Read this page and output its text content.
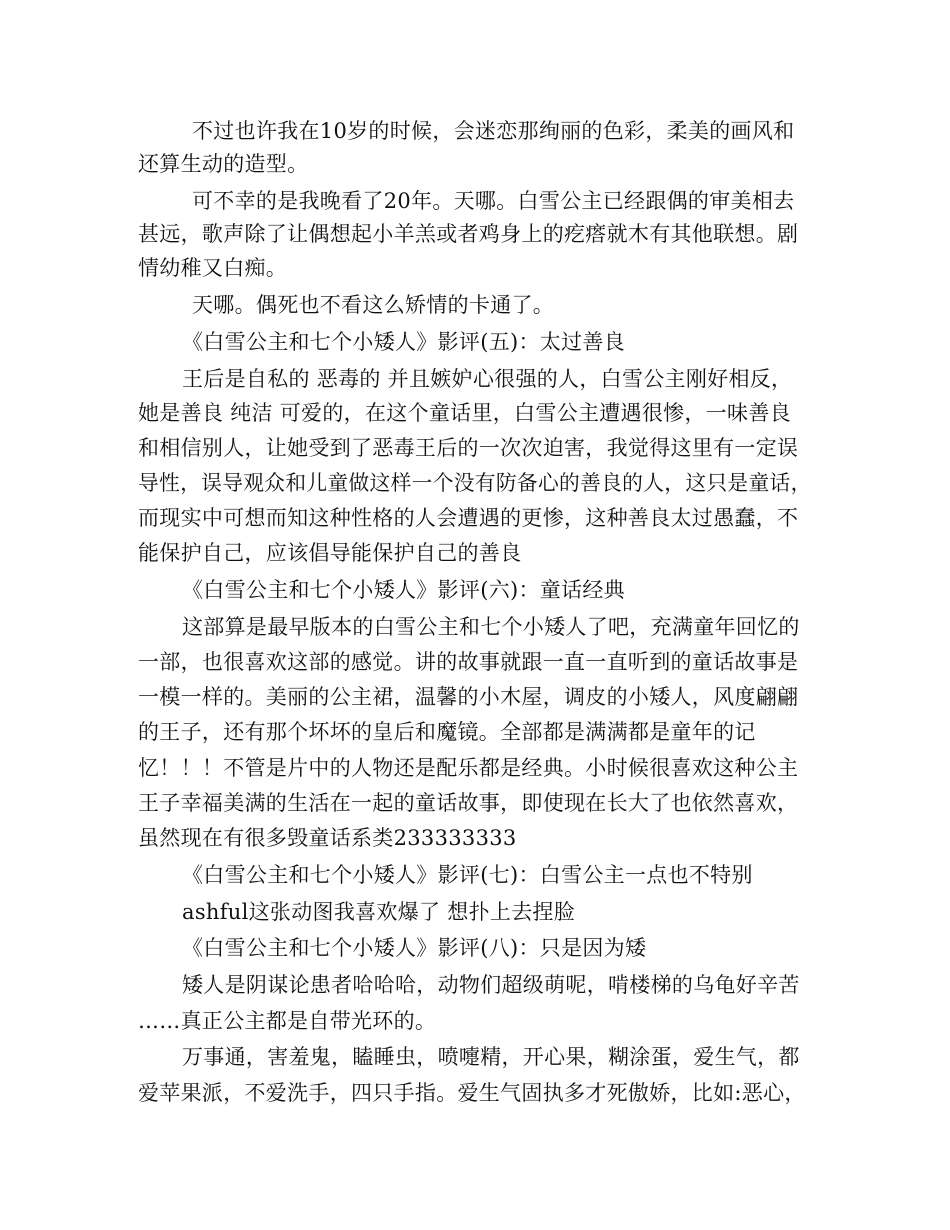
不过也许我在10岁的时候，会迷恋那绚丽的色彩，柔美的画风和

还算生动的造型。

可不幸的是我晚看了20年。天哪。白雪公主已经跟偶的审美相去

甚远，歌声除了让偶想起小羊羔或者鸡身上的疙瘩就木有其他联想。剧

情幼稚又白痴。

天哪。偶死也不看这么矫情的卡通了。

《白雪公主和七个小矮人》影评(五)：太过善良

王后是自私的 恶毒的 并且嫉妒心很强的人，白雪公主刚好相反，

她是善良 纯洁 可爱的，在这个童话里，白雪公主遭遇很惨，一味善良

和相信别人，让她受到了恶毒王后的一次次迫害，我觉得这里有一定误

导性，误导观众和儿童做这样一个没有防备心的善良的人，这只是童话，

而现实中可想而知这种性格的人会遭遇的更惨，这种善良太过愚蠢，不

能保护自己，应该倡导能保护自己的善良

《白雪公主和七个小矮人》影评(六)：童话经典

这部算是最早版本的白雪公主和七个小矮人了吧，充满童年回忆的

一部，也很喜欢这部的感觉。讲的故事就跟一直一直听到的童话故事是

一模一样的。美丽的公主裙，温馨的小木屋，调皮的小矮人，风度翩翩

的王子，还有那个坏坏的皇后和魔镜。全部都是满满都是童年的记

忆！！！不管是片中的人物还是配乐都是经典。小时候很喜欢这种公主

王子幸福美满的生活在一起的童话故事，即使现在长大了也依然喜欢，

虽然现在有很多毁童话系类233333333

《白雪公主和七个小矮人》影评(七)：白雪公主一点也不特别

ashful这张动图我喜欢爆了 想扑上去捏脸

《白雪公主和七个小矮人》影评(八)：只是因为矮

矮人是阴谋论患者哈哈哈，动物们超级萌呢，啃楼梯的乌龟好辛苦

……真正公主都是自带光环的。

万事通，害羞鬼，瞌睡虫，喷嚏精，开心果，糊涂蛋，爱生气，都

爱苹果派，不爱洗手，四只手指。爱生气固执多才死傲娇，比如:恶心，
